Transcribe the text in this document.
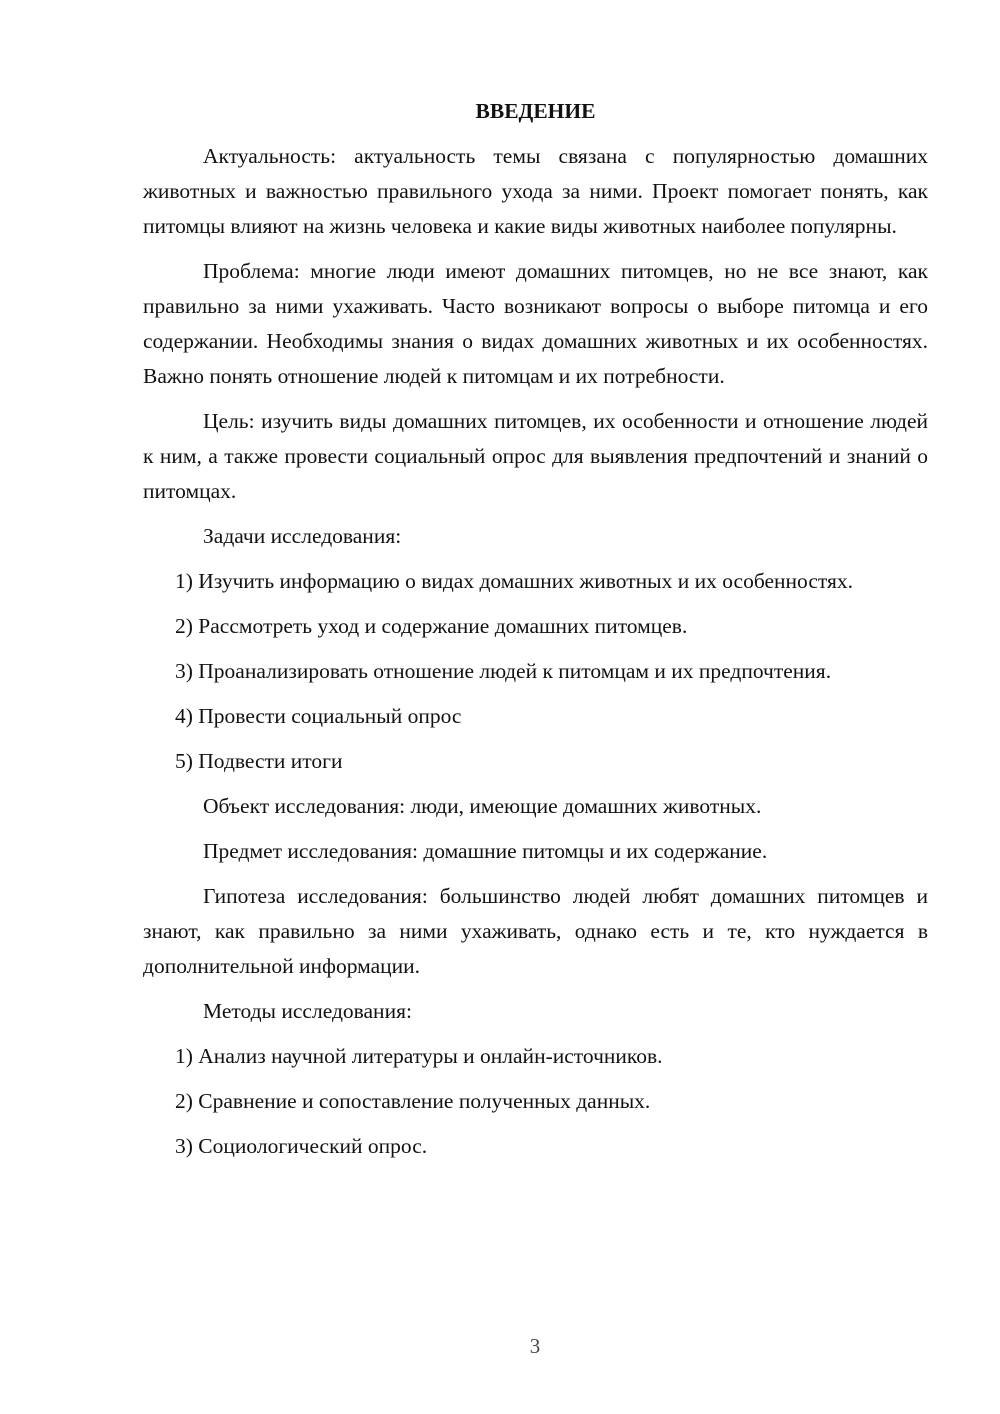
ВВЕДЕНИЕ
Актуальность: актуальность темы связана с популярностью домашних животных и важностью правильного ухода за ними. Проект помогает понять, как питомцы влияют на жизнь человека и какие виды животных наиболее популярны.
Проблема: многие люди имеют домашних питомцев, но не все знают, как правильно за ними ухаживать. Часто возникают вопросы о выборе питомца и его содержании. Необходимы знания о видах домашних животных и их особенностях. Важно понять отношение людей к питомцам и их потребности.
Цель: изучить виды домашних питомцев, их особенности и отношение людей к ним, а также провести социальный опрос для выявления предпочтений и знаний о питомцах.
Задачи исследования:
1) Изучить информацию о видах домашних животных и их особенностях.
2) Рассмотреть уход и содержание домашних питомцев.
3) Проанализировать отношение людей к питомцам и их предпочтения.
4) Провести социальный опрос
5) Подвести итоги
Объект исследования: люди, имеющие домашних животных.
Предмет исследования: домашние питомцы и их содержание.
Гипотеза исследования: большинство людей любят домашних питомцев и знают, как правильно за ними ухаживать, однако есть и те, кто нуждается в дополнительной информации.
Методы исследования:
1) Анализ научной литературы и онлайн-источников.
2) Сравнение и сопоставление полученных данных.
3) Социологический опрос.
3
